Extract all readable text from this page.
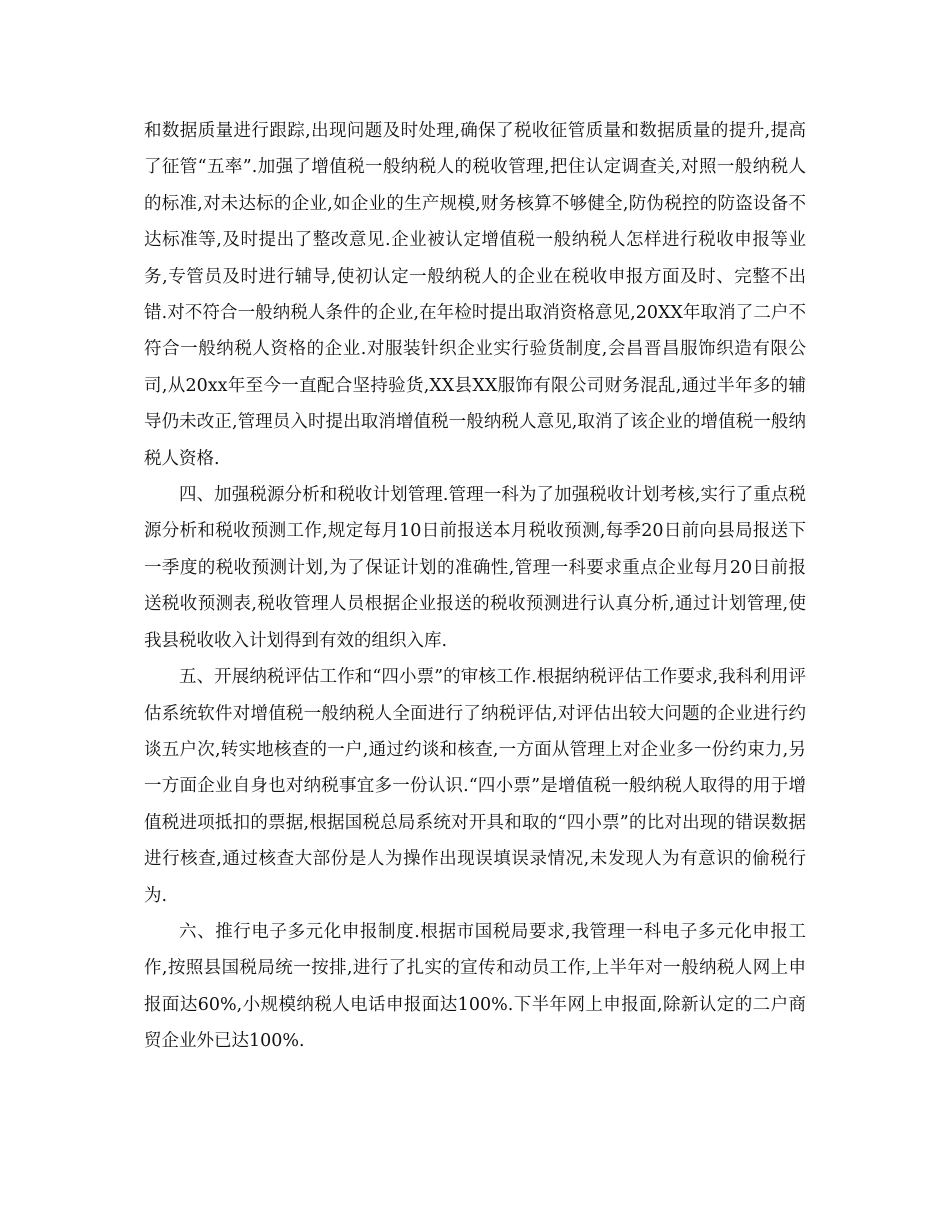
和数据质量进行跟踪,出现问题及时处理,确保了税收征管质量和数据质量的提升,提高了征管“五率”.加强了增值税一般纳税人的税收管理,把住认定调查关,对照一般纳税人的标准,对未达标的企业,如企业的生产规模,财务核算不够健全,防伪税控的防盗设备不达标准等,及时提出了整改意见.企业被认定增值税一般纳税人怎样进行税收申报等业务,专管员及时进行辅导,使初认定一般纳税人的企业在税收申报方面及时、完整不出错.对不符合一般纳税人条件的企业,在年检时提出取消资格意见,20XX年取消了二户不符合一般纳税人资格的企业.对服装针织企业实行验货制度,会昌晋昌服饰织造有限公司,从20xx年至今一直配合坚持验货,XX县XX服饰有限公司财务混乱,通过半年多的辅导仍未改正,管理员入时提出取消增值税一般纳税人意见,取消了该企业的增值税一般纳税人资格.

四、加强税源分析和税收计划管理.管理一科为了加强税收计划考核,实行了重点税源分析和税收预测工作,规定每月10日前报送本月税收预测,每季20日前向县局报送下一季度的税收预测计划,为了保证计划的准确性,管理一科要求重点企业每月20日前报送税收预测表,税收管理人员根据企业报送的税收预测进行认真分析,通过计划管理,使我县税收收入计划得到有效的组织入库.

五、开展纳税评估工作和“四小票”的审核工作.根据纳税评估工作要求,我科利用评估系统软件对增值税一般纳税人全面进行了纳税评估,对评估出较大问题的企业进行约谈五户次,转实地核查的一户,通过约谈和核查,一方面从管理上对企业多一份约束力,另一方面企业自身也对纳税事宜多一份认识.“四小票”是增值税一般纳税人取得的用于增值税进项抵扣的票据,根据国税总局系统对开具和取的“四小票”的比对出现的错误数据进行核查,通过核查大部份是人为操作出现误填误录情况,未发现人为有意识的偷税行为.

六、推行电子多元化申报制度.根据市国税局要求,我管理一科电子多元化申报工作,按照县国税局统一按排,进行了扎实的宣传和动员工作,上半年对一般纳税人网上申报面达60%,小规模纳税人电话申报面达100%.下半年网上申报面,除新认定的二户商贸企业外已达100%.
